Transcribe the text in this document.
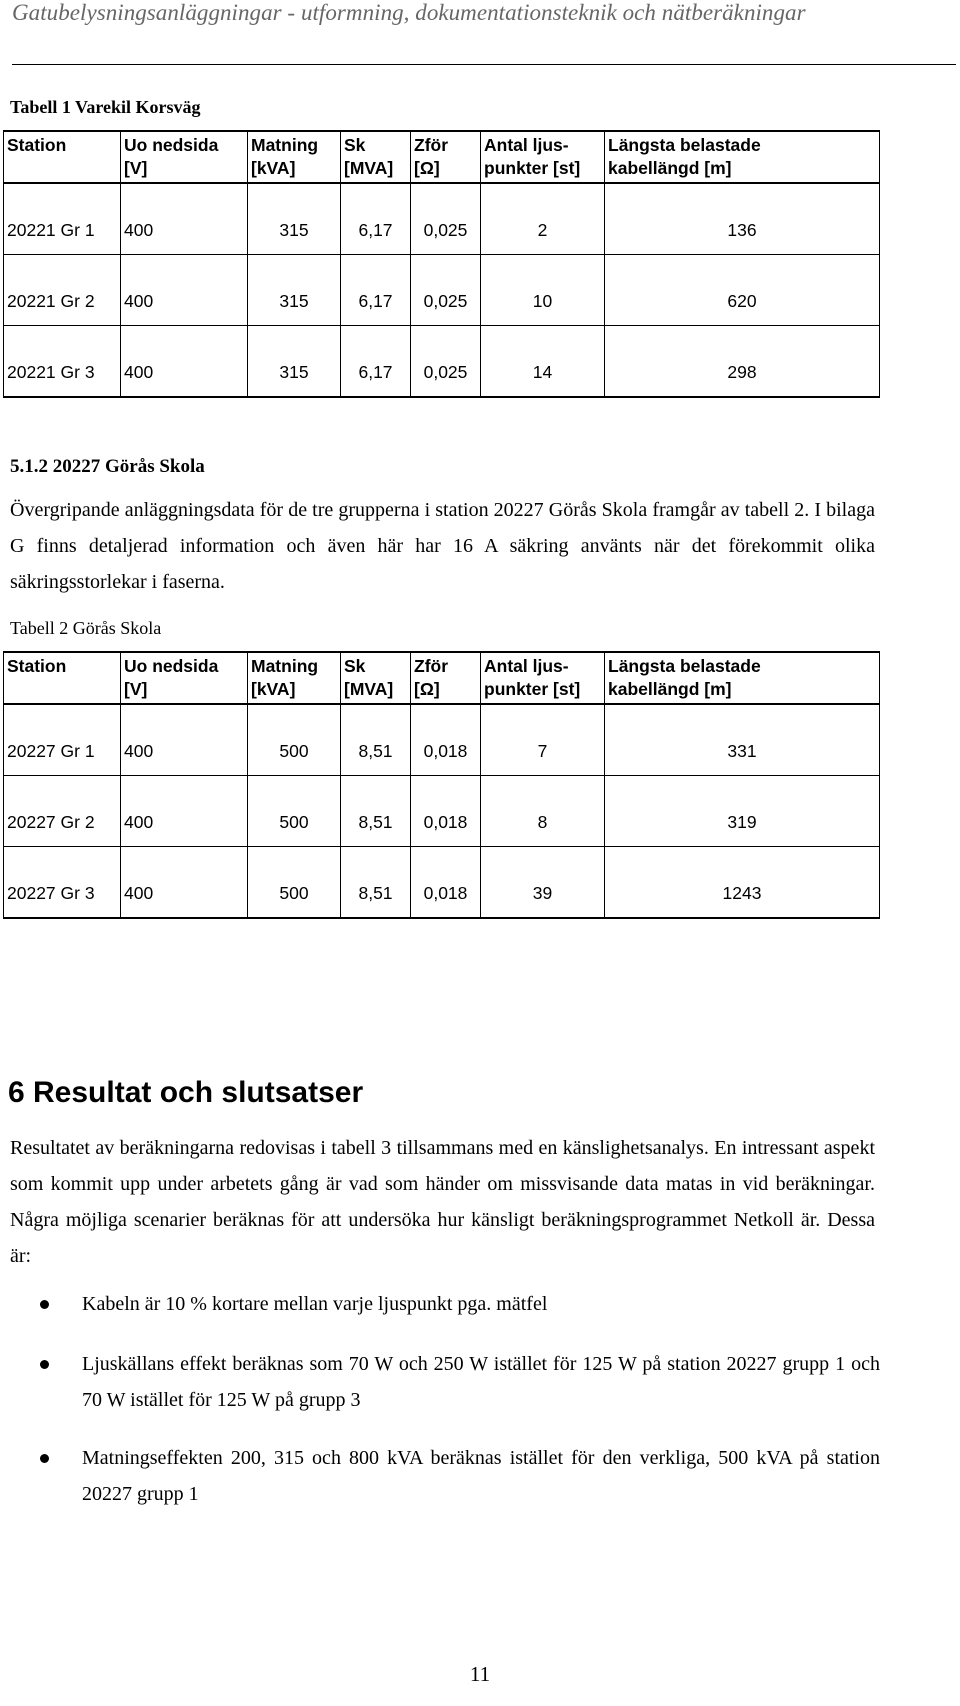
Gatubelysningsanläggningar - utformning, dokumentationsteknik och nätberäkningar
Tabell 1 Varekil Korsväg
Station	Uo nedsida	Matning	Sk	Zför	Antal ljus-	Längsta belastade
	[V]	[kVA]	[MVA]	[Ω]	punkter [st]	kabellängd [m]

20221 Gr 1	400	315	6,17	0,025	2	136

20221 Gr 2	400	315	6,17	0,025	10	620

20221 Gr 3	400	315	6,17	0,025	14	298
5.1.2 20227 Görås Skola
Övergripande anläggningsdata för de tre grupperna i station 20227 Görås Skola framgår av tabell 2. I bilaga G finns detaljerad information och även här har 16 A säkring använts när det förekommit olika säkringsstorlekar i faserna.
Tabell 2 Görås Skola
Station	Uo nedsida	Matning	Sk	Zför	Antal ljus-	Längsta belastade
	[V]	[kVA]	[MVA]	[Ω]	punkter [st]	kabellängd [m]

20227 Gr 1	400	500	8,51	0,018	7	331

20227 Gr 2	400	500	8,51	0,018	8	319

20227 Gr 3	400	500	8,51	0,018	39	1243
6 Resultat och slutsatser
Resultatet av beräkningarna redovisas i tabell 3 tillsammans med en känslighetsanalys. En intressant aspekt som kommit upp under arbetets gång är vad som händer om missvisande data matas in vid beräkningar. Några möjliga scenarier beräknas för att undersöka hur känsligt beräkningsprogrammet Netkoll är. Dessa är:
Kabeln är 10 % kortare mellan varje ljuspunkt pga. mätfel
Ljuskällans effekt beräknas som 70 W och 250 W istället för 125 W på station 20227 grupp 1 och 70 W istället för 125 W på grupp 3
Matningseffekten 200, 315 och 800 kVA beräknas istället för den verkliga, 500 kVA på station 20227 grupp 1
11
